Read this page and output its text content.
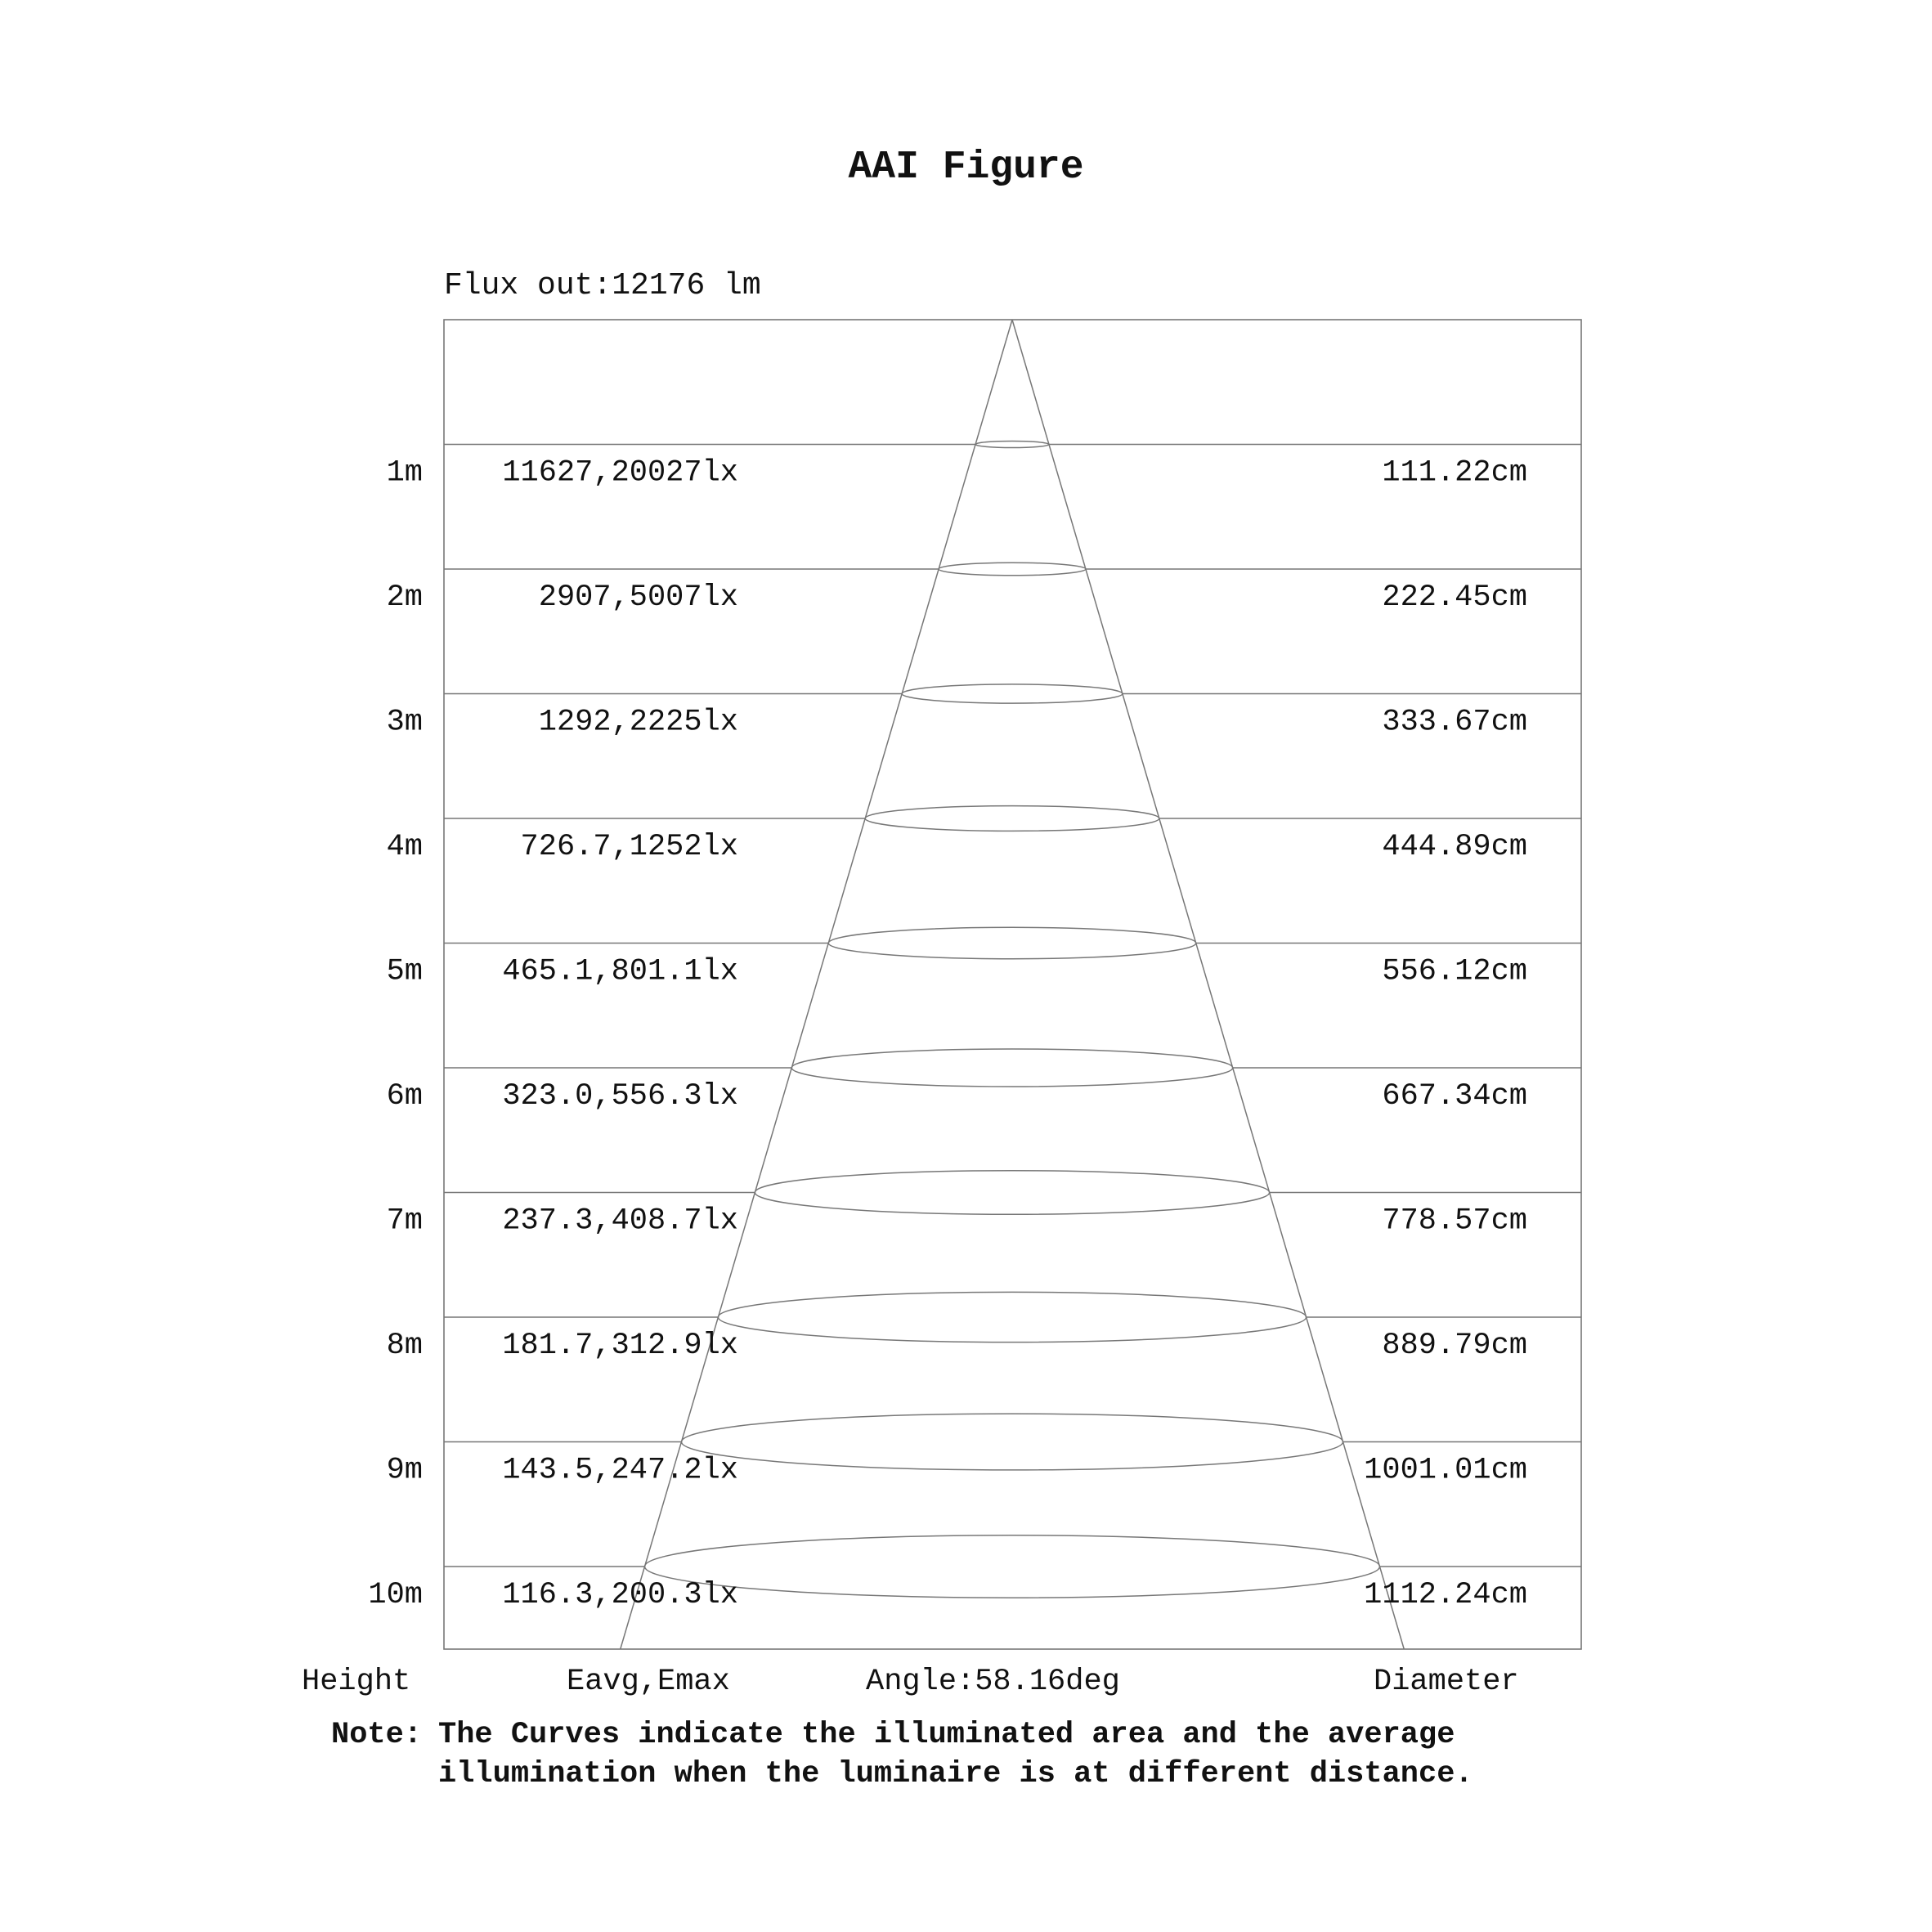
AAI Figure
Flux out:12176 lm
1m	11627,20027lx	111.22cm
2m	2907,5007lx	222.45cm
3m	1292,2225lx	333.67cm
4m	726.7,1252lx	444.89cm
5m	465.1,801.1lx	556.12cm
6m	323.0,556.3lx	667.34cm
7m	237.3,408.7lx	778.57cm
8m	181.7,312.9lx	889.79cm
9m	143.5,247.2lx	1001.01cm
10m	116.3,200.3lx	1112.24cm
Height	Eavg,Emax	Angle:58.16deg	Diameter
Note: The Curves indicate the illuminated area and the average
illumination when the luminaire is at different distance.
